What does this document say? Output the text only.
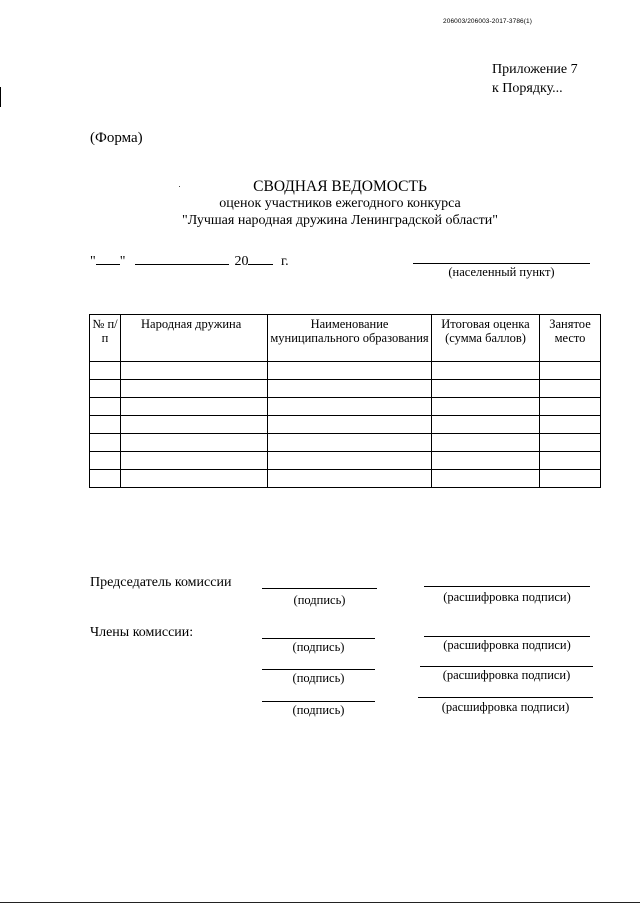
206003/206003-2017-3786(1)
Приложение 7
к Порядку...
(Форма)
СВОДНАЯ ВЕДОМОСТЬ
оценок участников ежегодного конкурса
"Лучшая народная дружина Ленинградской области"
" "	20 г.
(населенный пункт)
№ п/п	Народная дружина	Наименование муниципального образования	Итоговая оценка (сумма баллов)	Занятое место

Председатель комиссии
(подпись)	(расшифровка подписи)
Члены комиссии:
(подпись)	(расшифровка подписи)
(подпись)	(расшифровка подписи)
(подпись)	(расшифровка подписи)
